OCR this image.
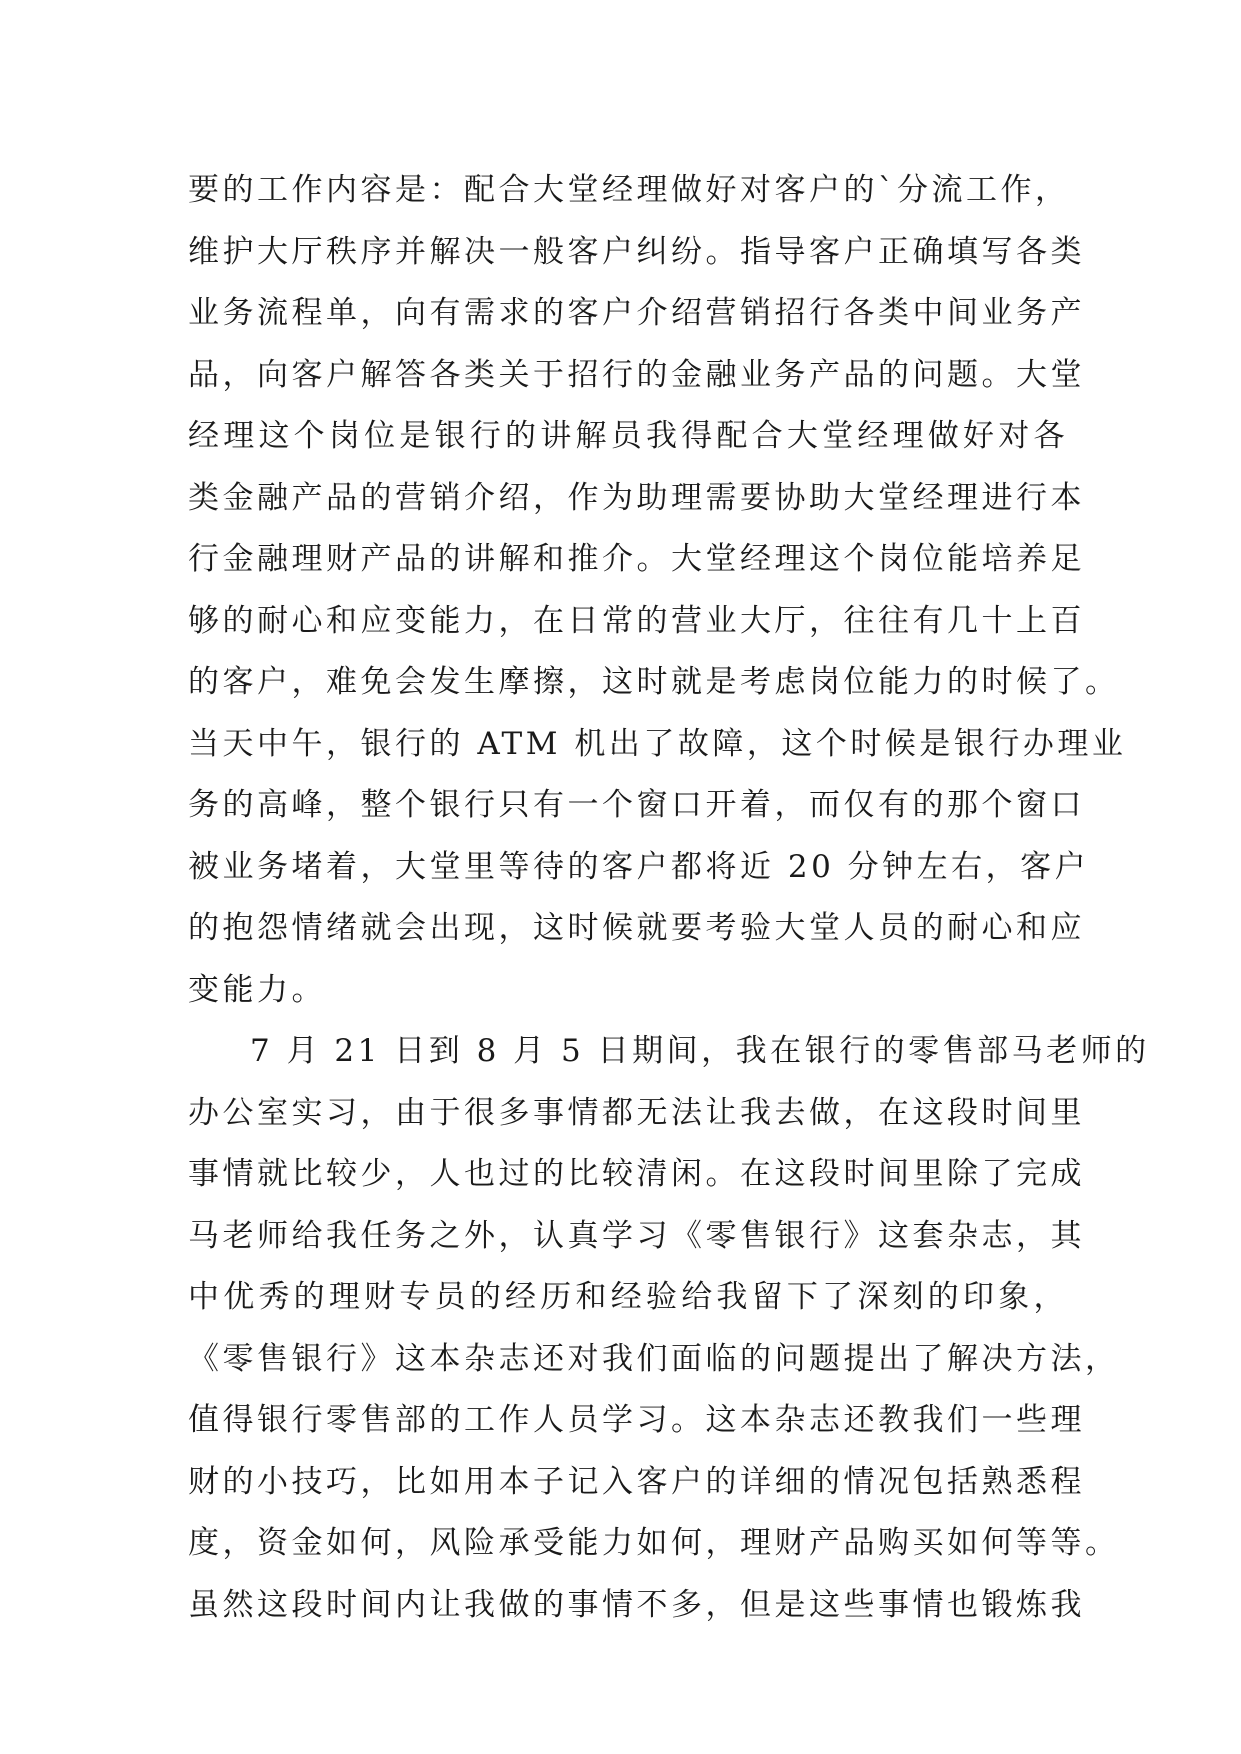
要的工作内容是：配合大堂经理做好对客户的`分流工作，
维护大厅秩序并解决一般客户纠纷。指导客户正确填写各类
业务流程单，向有需求的客户介绍营销招行各类中间业务产
品，向客户解答各类关于招行的金融业务产品的问题。大堂
经理这个岗位是银行的讲解员我得配合大堂经理做好对各
类金融产品的营销介绍，作为助理需要协助大堂经理进行本
行金融理财产品的讲解和推介。大堂经理这个岗位能培养足
够的耐心和应变能力，在日常的营业大厅，往往有几十上百
的客户，难免会发生摩擦，这时就是考虑岗位能力的时候了。
当天中午，银行的 ATM 机出了故障，这个时候是银行办理业
务的高峰，整个银行只有一个窗口开着，而仅有的那个窗口
被业务堵着，大堂里等待的客户都将近 20 分钟左右，客户
的抱怨情绪就会出现，这时候就要考验大堂人员的耐心和应
变能力。
7 月 21 日到 8 月 5 日期间，我在银行的零售部马老师的
办公室实习，由于很多事情都无法让我去做，在这段时间里
事情就比较少，人也过的比较清闲。在这段时间里除了完成
马老师给我任务之外，认真学习《零售银行》这套杂志，其
中优秀的理财专员的经历和经验给我留下了深刻的印象，
《零售银行》这本杂志还对我们面临的问题提出了解决方法，
值得银行零售部的工作人员学习。这本杂志还教我们一些理
财的小技巧，比如用本子记入客户的详细的情况包括熟悉程
度，资金如何，风险承受能力如何，理财产品购买如何等等。
虽然这段时间内让我做的事情不多，但是这些事情也锻炼我
